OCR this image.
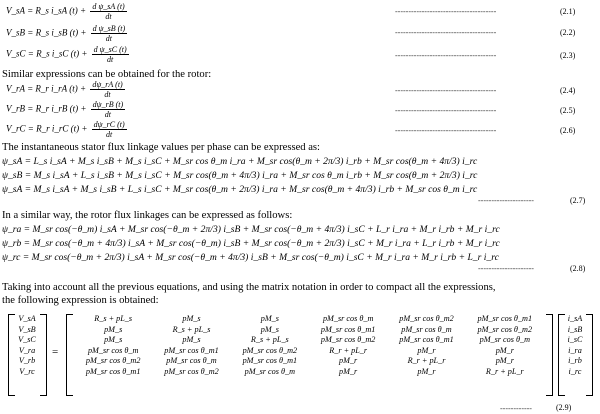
V_sA = R_s i_sA $(t) + \frac{\text{d ψ\_sA (t)}}{dt}$	--------------------------------------	(2.1)
V_sB = R_s i_sB $(t) + \frac{\text{d ψ\_sB (t)}}{dt}$	--------------------------------------	(2.2)
V_sC = R_s i_sC $(t) + \frac{\text{d ψ\_sC (t)}}{dt}$	--------------------------------------	(2.3)
Similar expressions can be obtained for the rotor:
V_rA = R_r i_rA $(t) + \frac{d\psi\_rA (t)}{dt}$	--------------------------------------	(2.4)
V_rB = R_r i_rB $(t) + \frac{d\psi\_rB (t)}{dt}$	--------------------------------------	(2.5)
V_rC = R_r i_rC $(t) + \frac{d\psi\_rC (t)}{dt}$	--------------------------------------	(2.6)
The instantaneous stator flux linkage values per phase can be expressed as:
ψ_sA = L_s i_sA + M_s i_sB + M_s i_sC + M_sr cos θ_m i_ra + M_sr cos(θ_m + 2π/3) i_rb + M_sr cos(θ_m + 4π/3) i_rc
ψ_sB = M_s i_sA + L_s i_sB + M_s i_sC + M_sr cos(θ_m + 4π/3) i_ra + M_sr cos θ_m i_rb + M_sr cos(θ_m + 2π/3) i_rc
ψ_sA = M_s i_sA + M_s i_sB + L_s i_sC + M_sr cos(θ_m + 2π/3) i_ra + M_sr cos(θ_m + 4π/3) i_rb + M_sr cos θ_m i_rc
---------------------	(2.7)
In a similar way, the rotor flux linkages can be expressed as follows:
ψ_ra = M_sr cos(−θ_m) i_sA + M_sr cos(−θ_m + 2π/3) i_sB + M_sr cos(−θ_m + 4π/3) i_sC + L_r i_ra + M_r i_rb + M_r i_rc
ψ_rb = M_sr cos(−θ_m + 4π/3) i_sA + M_sr cos(−θ_m) i_sB + M_sr cos(−θ_m + 2π/3) i_sC + M_r i_ra + L_r i_rb + M_r i_rc
ψ_rc = M_sr cos(−θ_m + 2π/3) i_sA + M_sr cos(−θ_m + 4π/3) i_sB + M_sr cos(−θ_m) i_sC + M_r i_ra + M_r i_rb + L_r i_rc
---------------------	(2.8)
Taking into account all the previous equations, and using the matrix notation in order to compact all the expressions,
the following expression is obtained:
V_sA
V_sB
V_sC
V_ra
V_rb
V_rc
=
R_s + pL_s	pM_s	pM_s	pM_sr cos θ_m	pM_sr cos θ_m2	pM_sr cos θ_m1
pM_s	R_s + pL_s	pM_s	pM_sr cos θ_m1	pM_sr cos θ_m	pM_sr cos θ_m2
pM_s	pM_s	R_s + pL_s	pM_sr cos θ_m2	pM_sr cos θ_m1	pM_sr cos θ_m
pM_sr cos θ_m	pM_sr cos θ_m1	pM_sr cos θ_m2	R_r + pL_r	pM_r	pM_r
pM_sr cos θ_m2	pM_sr cos θ_m	pM_sr cos θ_m1	pM_r	R_r + pL_r	pM_r
pM_sr cos θ_m1	pM_sr cos θ_m2	pM_sr cos θ_m	pM_r	pM_r	R_r + pL_r
i_sA
i_sB
i_sC
i_ra
i_rb
i_rc
------------	(2.9)
